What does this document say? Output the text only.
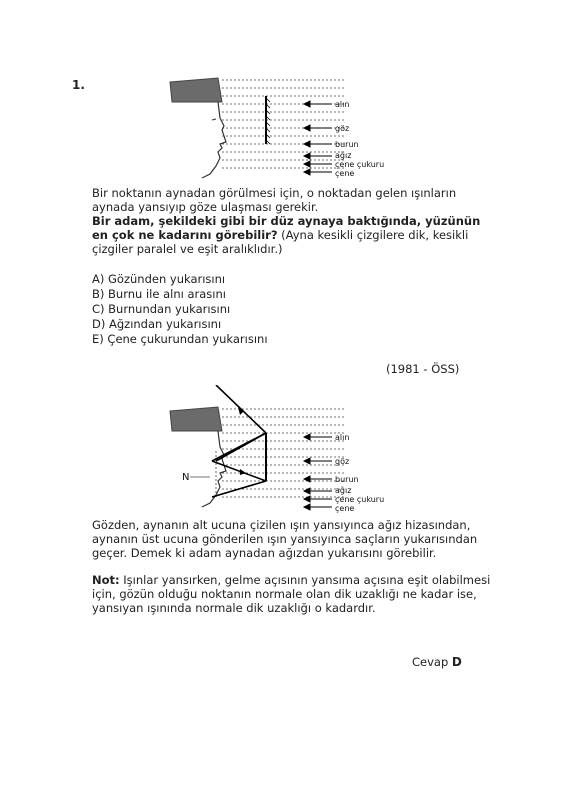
1.
alın
göz
burun
ağız
çene çukuru
çene
Bir noktanın aynadan görülmesi için, o noktadan gelen ışınların aynada yansıyıp göze ulaşması gerekir.
Bir adam, şekildeki gibi bir düz aynaya baktığında, yüzünün en çok ne kadarını görebilir? (Ayna kesikli çizgilere dik, kesikli çizgiler paralel ve eşit aralıklıdır.)
A) Gözünden yukarısını
B) Burnu ile alnı arasını
C) Burnundan yukarısını
D) Ağzından yukarısını
E) Çene çukurundan yukarısını
(1981 - ÖSS)
N
alın
göz
burun
ağız
çene çukuru
çene
Gözden, aynanın alt ucuna çizilen ışın yansıyınca ağız hizasından, aynanın üst ucuna gönderilen ışın yansıyınca saçların yukarısından geçer. Demek ki adam aynadan ağızdan yukarısını görebilir.
Not: Işınlar yansırken, gelme açısının yansıma açısına eşit olabilmesi için, gözün olduğu noktanın normale olan dik uzaklığı ne kadar ise, yansıyan ışınında normale dik uzaklığı o kadardır.
Cevap D
